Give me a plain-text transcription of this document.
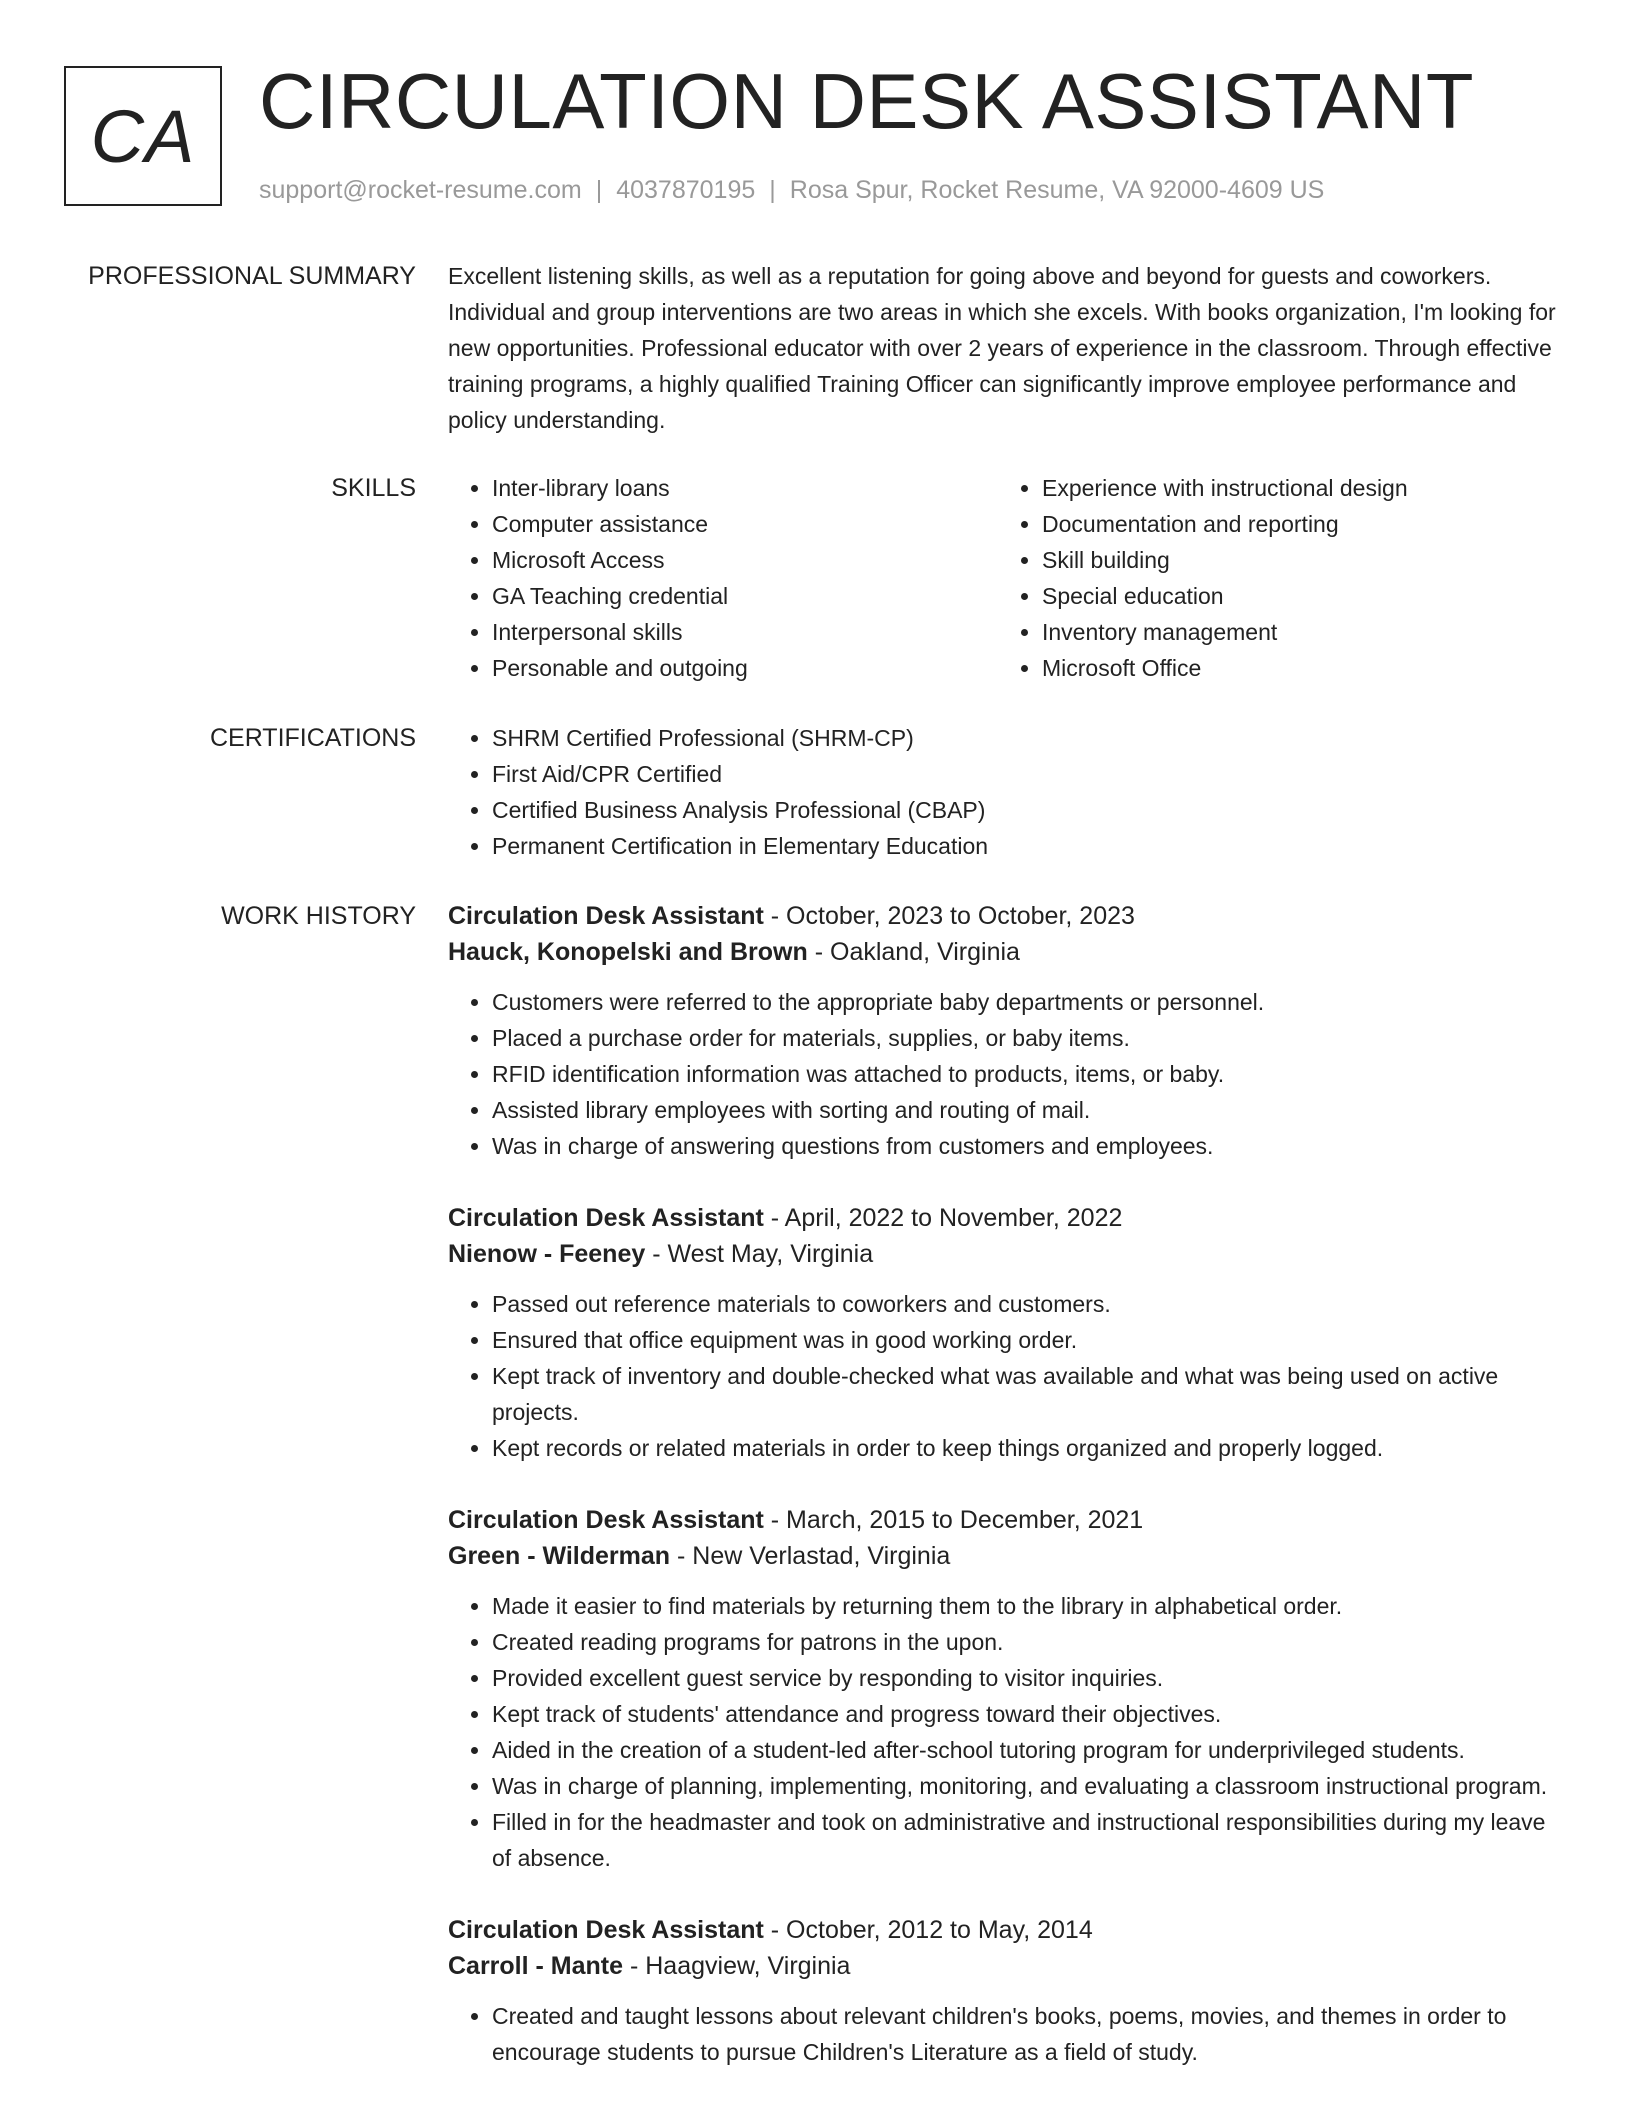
CA CIRCULATION DESK ASSISTANT
support@rocket-resume.com | 4037870195 | Rosa Spur, Rocket Resume, VA 92000-4609 US
PROFESSIONAL SUMMARY Excellent listening skills, as well as a reputation for going above and beyond for guests and coworkers. Individual and group interventions are two areas in which she excels. With books organization, I'm looking for new opportunities. Professional educator with over 2 years of experience in the classroom. Through effective training programs, a highly qualified Training Officer can significantly improve employee performance and policy understanding.

SKILLS	• Inter-library loans
• Computer assistance
• Microsoft Access
• GA Teaching credential
• Interpersonal skills
• Personable and outgoing
• Experience with instructional design
• Documentation and reporting
• Skill building
• Special education
• Inventory management
• Microsoft Office
CERTIFICATIONS	• SHRM Certified Professional (SHRM-CP)
• First Aid/CPR Certified
• Certified Business Analysis Professional (CBAP)
• Permanent Certification in Elementary Education
WORK HISTORY Circulation Desk Assistant - October, 2023 to October, 2023
Hauck, Konopelski and Brown - Oakland, Virginia
• Customers were referred to the appropriate baby departments or personnel.
• Placed a purchase order for materials, supplies, or baby items.
• RFID identification information was attached to products, items, or baby.
• Assisted library employees with sorting and routing of mail.
• Was in charge of answering questions from customers and employees.
Circulation Desk Assistant - April, 2022 to November, 2022
Nienow - Feeney - West May, Virginia
• Passed out reference materials to coworkers and customers.
• Ensured that office equipment was in good working order.
• Kept track of inventory and double-checked what was available and what was being used on active projects.
• Kept records or related materials in order to keep things organized and properly logged.
Circulation Desk Assistant - March, 2015 to December, 2021
Green - Wilderman - New Verlastad, Virginia
• Made it easier to find materials by returning them to the library in alphabetical order.
• Created reading programs for patrons in the upon.
• Provided excellent guest service by responding to visitor inquiries.
• Kept track of students' attendance and progress toward their objectives.
• Aided in the creation of a student-led after-school tutoring program for underprivileged students.
• Was in charge of planning, implementing, monitoring, and evaluating a classroom instructional program.
• Filled in for the headmaster and took on administrative and instructional responsibilities during my leave of absence.
Circulation Desk Assistant - October, 2012 to May, 2014
Carroll - Mante - Haagview, Virginia
• Created and taught lessons about relevant children's books, poems, movies, and themes in order to encourage students to pursue Children's Literature as a field of study.
